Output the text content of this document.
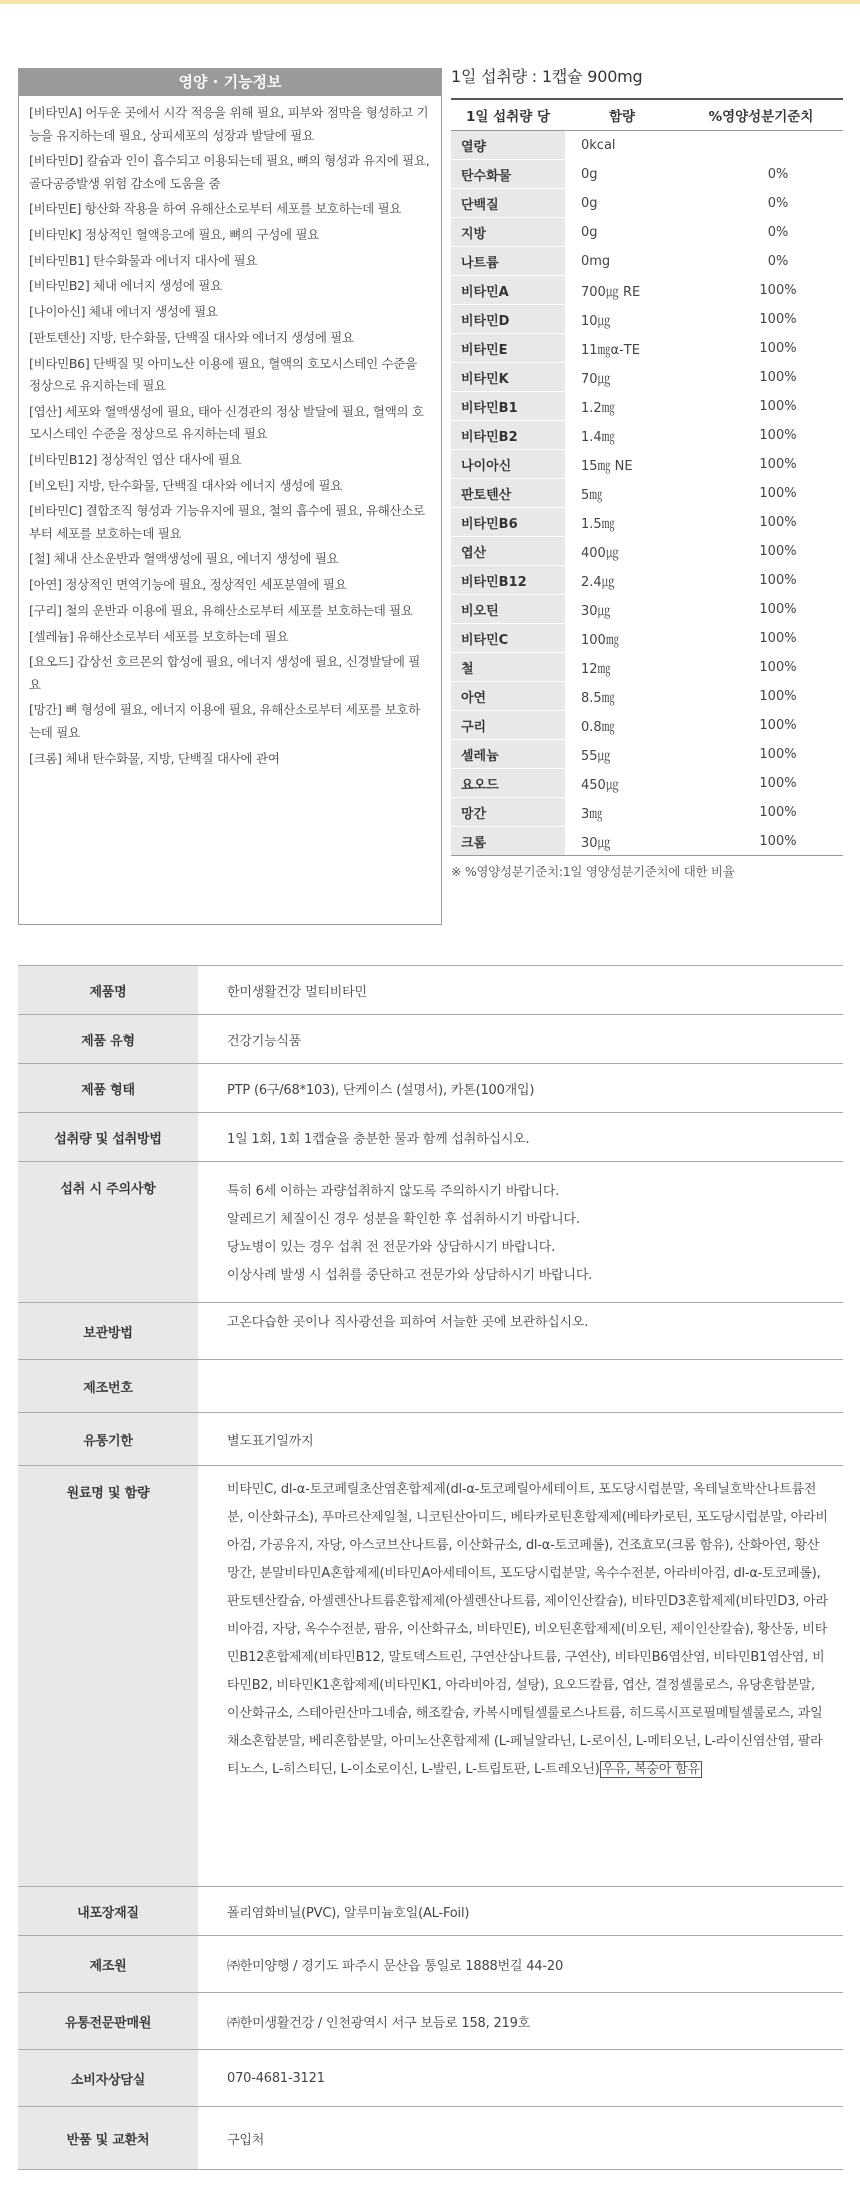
영양 · 기능정보
[비타민A] 어두운 곳에서 시각 적응을 위해 필요, 피부와 점막을 형성하고 기능을 유지하는데 필요, 상피세포의 성장과 발달에 필요
[비타민D] 칼슘과 인이 흡수되고 이용되는데 필요, 뼈의 형성과 유지에 필요, 골다공증발생 위험 감소에 도움을 줌
[비타민E] 항산화 작용을 하여 유해산소로부터 세포를 보호하는데 필요
[비타민K] 정상적인 혈액응고에 필요, 뼈의 구성에 필요
[비타민B1] 탄수화물과 에너지 대사에 필요
[비타민B2] 체내 에너지 생성에 필요
[나이아신] 체내 에너지 생성에 필요
[판토텐산] 지방, 탄수화물, 단백질 대사와 에너지 생성에 필요
[비타민B6] 단백질 및 아미노산 이용에 필요, 혈액의 호모시스테인 수준을 정상으로 유지하는데 필요
[엽산] 세포와 혈액생성에 필요, 태아 신경관의 정상 발달에 필요, 혈액의 호모시스테인 수준을 정상으로 유지하는데 필요
[비타민B12] 정상적인 엽산 대사에 필요
[비오틴] 지방, 탄수화물, 단백질 대사와 에너지 생성에 필요
[비타민C] 결합조직 형성과 기능유지에 필요, 철의 흡수에 필요, 유해산소로부터 세포를 보호하는데 필요
[철] 체내 산소운반과 혈액생성에 필요, 에너지 생성에 필요
[아연] 정상적인 면역기능에 필요, 정상적인 세포분열에 필요
[구리] 철의 운반과 이용에 필요, 유해산소로부터 세포를 보호하는데 필요
[셀레늄] 유해산소로부터 세포를 보호하는데 필요
[요오드] 갑상선 호르몬의 합성에 필요, 에너지 생성에 필요, 신경발달에 필요
[망간] 뼈 형성에 필요, 에너지 이용에 필요, 유해산소로부터 세포를 보호하는데 필요
[크롬] 체내 탄수화물, 지방, 단백질 대사에 관여
1일 섭취량 : 1캡슐 900mg
1일 섭취량 당	함량	%영양성분기준치
열량	0kcal	
탄수화물	0g	0%
단백질	0g	0%
지방	0g	0%
나트륨	0mg	0%
비타민A	700㎍ RE	100%
비타민D	10㎍	100%
비타민E	11㎎α-TE	100%
비타민K	70㎍	100%
비타민B1	1.2㎎	100%
비타민B2	1.4㎎	100%
나이아신	15㎎ NE	100%
판토텐산	5㎎	100%
비타민B6	1.5㎎	100%
엽산	400㎍	100%
비타민B12	2.4㎍	100%
비오틴	30㎍	100%
비타민C	100㎎	100%
철	12㎎	100%
아연	8.5㎎	100%
구리	0.8㎎	100%
셀레늄	55㎍	100%
요오드	450㎍	100%
망간	3㎎	100%
크롬	30㎍	100%
※ %영양성분기준치:1일 영양성분기준치에 대한 비율
제품명	한미생활건강 멀티비타민
제품 유형	건강기능식품
제품 형태	PTP (6구/68*103), 단케이스 (설명서), 카톤(100개입)
섭취량 및 섭취방법	1일 1회, 1회 1캡슐을 충분한 물과 함께 섭취하십시오.
섭취 시 주의사항	특히 6세 이하는 과량섭취하지 않도록 주의하시기 바랍니다.
알레르기 체질이신 경우 성분을 확인한 후 섭취하시기 바랍니다.
당뇨병이 있는 경우 섭취 전 전문가와 상담하시기 바랍니다.
이상사례 발생 시 섭취를 중단하고 전문가와 상담하시기 바랍니다.

보관방법	고온다습한 곳이나 직사광선을 피하여 서늘한 곳에 보관하십시오.
제조번호	
유통기한	별도표기일까지
원료명 및 함량	비타민C, dl-α-토코페릴초산염혼합제제(dl-α-토코페릴아세테이트, 포도당시럽분말, 옥테닐호박산나트륨전분, 이산화규소), 푸마르산제일철, 니코틴산아미드, 베타카로틴혼합제제(베타카로틴, 포도당시럽분말, 아라비아검, 가공유지, 자당, 아스코브산나트륨, 이산화규소, dl-α-토코페롤), 건조효모(크롬 함유), 산화아연, 황산망간, 분말비타민A혼합제제(비타민A아세테이트, 포도당시럽분말, 옥수수전분, 아라비아검, dl-α-토코페롤), 판토텐산칼슘, 아셀렌산나트륨혼합제제(아셀렌산나트륨, 제이인산칼슘), 비타민D3혼합제제(비타민D3, 아라비아검, 자당, 옥수수전분, 팜유, 이산화규소, 비타민E), 비오틴혼합제제(비오틴, 제이인산칼슘), 황산동, 비타민B12혼합제제(비타민B12, 말토덱스트린, 구연산삼나트륨, 구연산), 비타민B6염산염, 비타민B1염산염, 비타민B2, 비타민K1혼합제제(비타민K1, 아라비아검, 설탕), 요오드칼륨, 엽산, 결정셀룰로스, 유당혼합분말, 이산화규소, 스테아린산마그네슘, 해조칼슘, 카복시메틸셀룰로스나트륨, 히드록시프로필메틸셀룰로스, 과일채소혼합분말, 베리혼합분말, 아미노산혼합제제 (L-페닐알라닌, L-로이신, L-메티오닌, L-라이신염산염, 팔라티노스, L-히스티딘, L-이소로이신, L-발린, L-트립토판, L-트레오닌) 우유, 복숭아 함유
내포장재질	폴리염화비닐(PVC), 알루미늄호일(AL-Foil)
제조원	㈜한미양행 / 경기도 파주시 문산읍 통일로 1888번길 44-20
유통전문판매원	㈜한미생활건강 / 인천광역시 서구 보듬로 158, 219호
소비자상담실	070-4681-3121
반품 및 교환처	구입처
